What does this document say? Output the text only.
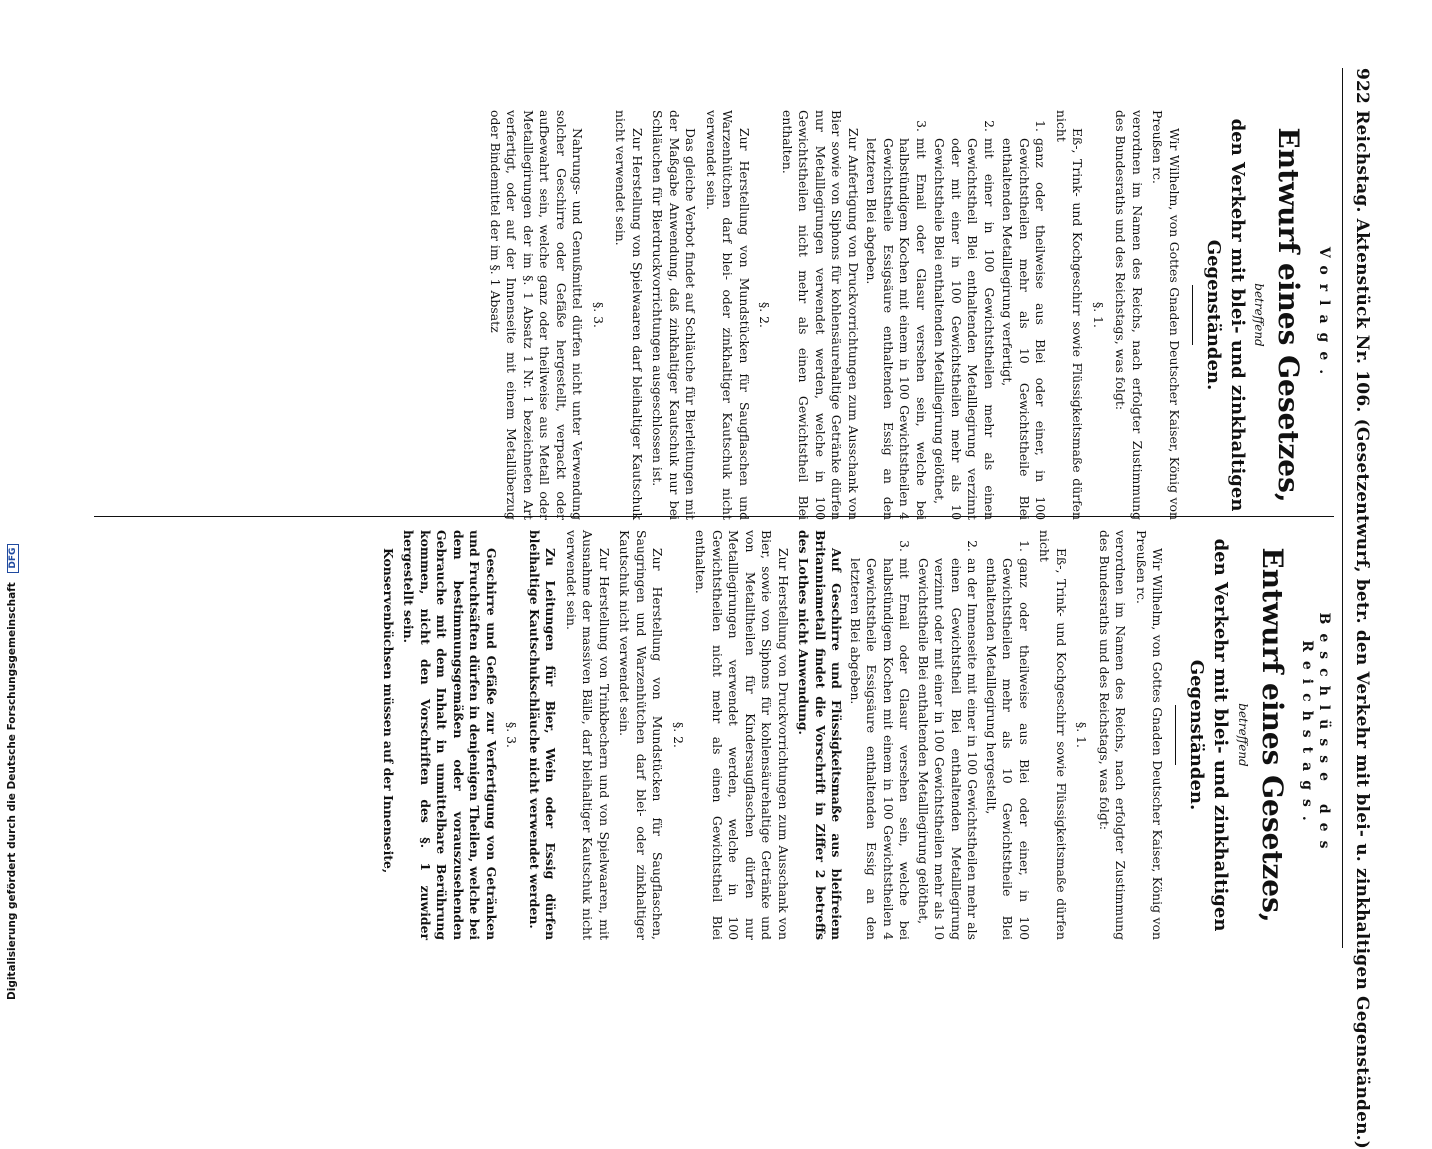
922 Reichstag. Aktenstück Nr. 106. (Gesetzentwurf, betr. den Verkehr mit blei- u. zinkhaltigen Gegenständen.)
Vorlage.
Entwurf eines Gesetzes,
betreffend
den Verkehr mit blei- und zinkhaltigen Gegenständen.

Wir Wilhelm, von Gottes Gnaden Deutscher Kaiser, König von Preußen rc.

verordnen im Namen des Reichs, nach erfolgter Zustimmung des Bundesraths und des Reichstags, was folgt:

§. 1.

Eß-, Trink- und Kochgeschirr sowie Flüssigkeitsmaße dürfen nicht

1.
ganz oder theilweise aus Blei oder einer, in 100 Gewichtstheilen mehr als 10 Gewichtstheile Blei enthaltenden Metalllegirung verfertigt,
2.
mit einer in 100 Gewichtstheilen mehr als einen Gewichtstheil Blei enthaltenden Metalllegirung verzinnt oder mit einer in 100 Gewichtstheilen mehr als 10 Gewichtstheile Blei enthaltenden Metalllegirung gelöthet,
3.
mit Email oder Glasur versehen sein, welche bei halbstündigem Kochen mit einem in 100 Gewichtstheilen 4 Gewichtstheile Essigsäure enthaltenden Essig an den letzteren Blei abgeben.

Zur Anfertigung von Druckvorrichtungen zum Ausschank von Bier sowie von Siphons für kohlensäurehaltige Getränke dürfen nur Metalllegirungen verwendet werden, welche in 100 Gewichtstheilen nicht mehr als einen Gewichtstheil Blei enthalten.

§. 2.

Zur Herstellung von Mundstücken für Saugflaschen und Warzenhütchen darf blei- oder zinkhaltiger Kautschuk nicht verwendet sein.

Das gleiche Verbot findet auf Schläuche für Bierleitungen mit der Maßgabe Anwendung, daß zinkhaltiger Kautschuk nur bei Schläuchen für Bierdruckvorrichtungen ausgeschlossen ist.

Zur Herstellung von Spielwaaren darf bleihaltiger Kautschuk nicht verwendet sein.

§. 3.

Nahrungs- und Genußmittel dürfen nicht unter Verwendung solcher Geschirre oder Gefäße hergestellt, verpackt oder aufbewahrt sein, welche ganz oder theilweise aus Metall oder Metalllegirungen der im §. 1 Absatz 1 Nr. 1 bezeichneten Art verfertigt, oder auf der Innenseite mit einem Metallüberzug oder Bindemittel der im §. 1 Absatz

Beschlüsse des Reichstags.
Entwurf eines Gesetzes,
betreffend
den Verkehr mit blei- und zinkhaltigen Gegenständen.

Wir Wilhelm, von Gottes Gnaden Deutscher Kaiser, König von Preußen rc.

verordnen im Namen des Reichs, nach erfolgter Zustimmung des Bundesraths und des Reichstags, was folgt:

§. 1.

Eß-, Trink- und Kochgeschirr sowie Flüssigkeitsmaße dürfen nicht

1.
ganz oder theilweise aus Blei oder einer, in 100 Gewichtstheilen mehr als 10 Gewichtstheile Blei enthaltenden Metalllegirung hergestellt,
2.
an der Innenseite mit einer in 100 Gewichtstheilen mehr als einen Gewichtstheil Blei enthaltenden Metalllegirung verzinnt oder mit einer in 100 Gewichtstheilen mehr als 10 Gewichtstheile Blei enthaltenden Metalllegirung gelöthet,
3.
mit Email oder Glasur versehen sein, welche bei halbstündigem Kochen mit einem in 100 Gewichtstheilen 4 Gewichtstheile Essigsäure enthaltenden Essig an den letzteren Blei abgeben.

Auf Geschirre und Flüssigkeitsmaße aus bleifreiem Britanniametall findet die Vorschrift in Ziffer 2 betreffs des Lothes nicht Anwendung.

Zur Herstellung von Druckvorrichtungen zum Ausschank von Bier, sowie von Siphons für kohlensäurehaltige Getränke und von Metalltheilen für Kindersaugflaschen dürfen nur Metalllegirungen verwendet werden, welche in 100 Gewichtstheilen nicht mehr als einen Gewichtstheil Blei enthalten.

§. 2.

Zur Herstellung von Mundstücken für Saugflaschen, Saugringen und Warzenhütchen darf blei- oder zinkhaltiger Kautschuk nicht verwendet sein.

Zur Herstellung von Trinkbechern und von Spielwaaren, mit Ausnahme der massiven Bälle, darf bleihaltiger Kautschuk nicht verwendet sein.

Zu Leitungen für Bier, Wein oder Essig dürfen bleihaltige Kautschukschläuche nicht verwendet werden.

§. 3.

Geschirre und Gefäße zur Verfertigung von Getränken und Fruchtsäften dürfen in denjenigen Theilen, welche bei dem bestimmungsgemäßen oder vorauszusehenden Gebrauche mit dem Inhalt in unmittelbare Berührung kommen, nicht den Vorschriften des §. 1 zuwider hergestellt sein.

Konservenbüchsen müssen auf der Innenseite,

Digitalisierung gefördert durch die Deutsche Forschungsgemeinschaft DFG
